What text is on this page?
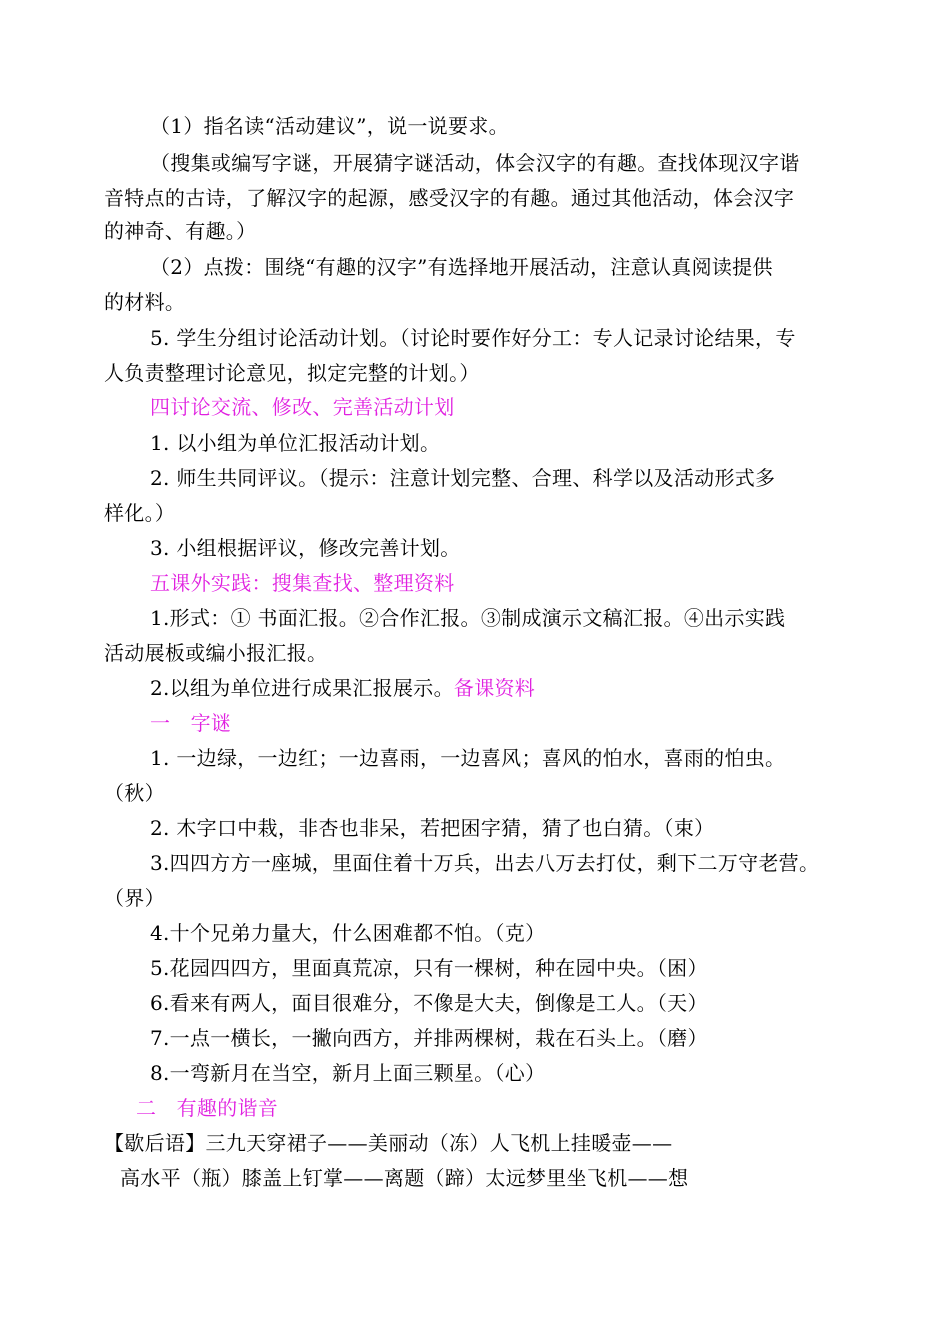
（1）指名读“活动建议”，说一说要求。
（搜集或编写字谜，开展猜字谜活动，体会汉字的有趣。查找体现汉字谐
音特点的古诗，了解汉字的起源，感受汉字的有趣。通过其他活动，体会汉字
的神奇、有趣。）
（2）点拨：围绕“有趣的汉字”有选择地开展活动，注意认真阅读提供
的材料。
5. 学生分组讨论活动计划。（讨论时要作好分工：专人记录讨论结果，专
人负责整理讨论意见，拟定完整的计划。）
四讨论交流、修改、完善活动计划
1. 以小组为单位汇报活动计划。
2. 师生共同评议。（提示：注意计划完整、合理、科学以及活动形式多
样化。）
3. 小组根据评议，修改完善计划。
五课外实践：搜集查找、整理资料
1.形式：① 书面汇报。②合作汇报。③制成演示文稿汇报。④出示实践
活动展板或编小报汇报。
2.以组为单位进行成果汇报展示。备课资料
一　字谜
1. 一边绿，一边红；一边喜雨，一边喜风；喜风的怕水，喜雨的怕虫。
（秋）
2. 木字口中栽，非杏也非呆，若把困字猜，猜了也白猜。（束）
3.四四方方一座城，里面住着十万兵，出去八万去打仗，剩下二万守老营。
（界）
4.十个兄弟力量大，什么困难都不怕。（克）
5.花园四四方，里面真荒凉，只有一棵树，种在园中央。（困）
6.看来有两人，面目很难分，不像是大夫，倒像是工人。（天）
7.一点一横长，一撇向西方，并排两棵树，栽在石头上。（磨）
8.一弯新月在当空，新月上面三颗星。（心）
二　有趣的谐音
【歇后语】三九天穿裙子——美丽动（冻）人飞机上挂暖壶——
高水平（瓶）膝盖上钉掌——离题（蹄）太远梦里坐飞机——想
